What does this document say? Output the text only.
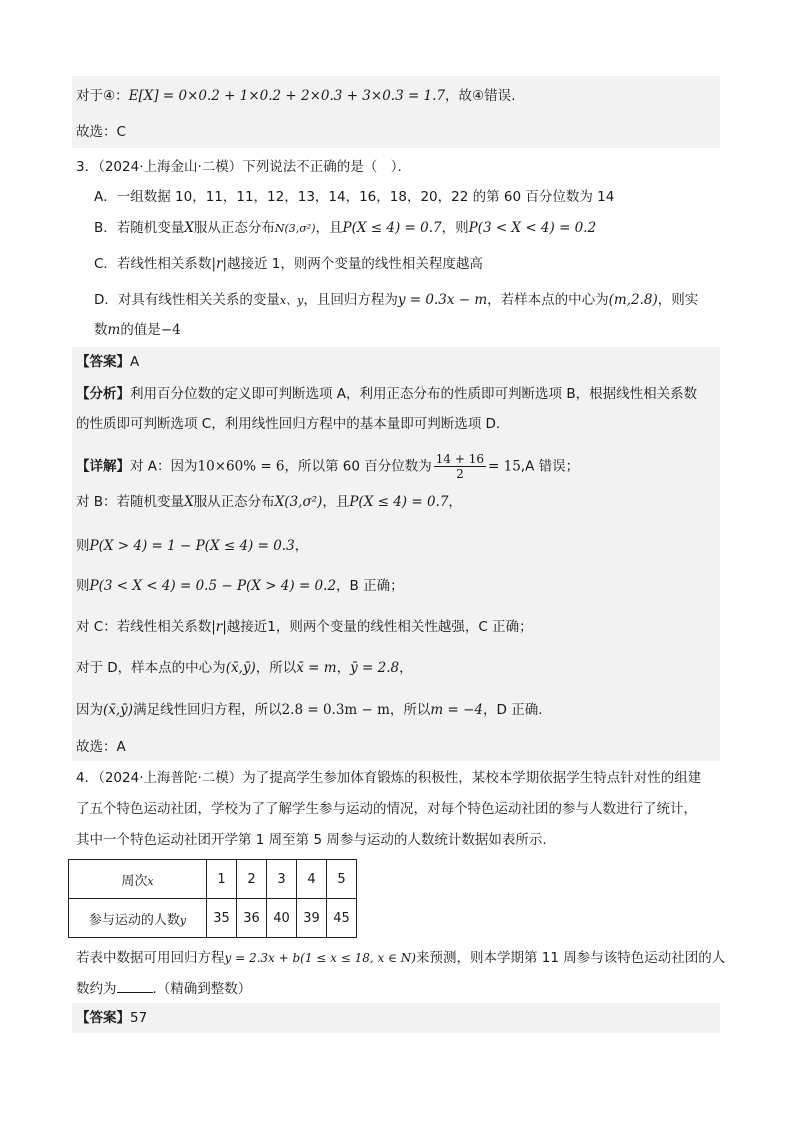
对于④：E[X] = 0×0.2 + 1×0.2 + 2×0.3 + 3×0.3 = 1.7，故④错误.
故选：C
3．（2024·上海金山·二模）下列说法不正确的是（　）．
A．一组数据 10，11，11，12，13，14，16，18，20，22 的第 60 百分位数为 14
B．若随机变量X服从正态分布N(3,σ²)，且P(X ≤ 4) = 0.7，则P(3 < X < 4) = 0.2
C．若线性相关系数|r|越接近 1，则两个变量的线性相关程度越高
D．对具有线性相关关系的变量x、y，且回归方程为y = 0.3x − m，若样本点的中心为(m,2.8)，则实
数m的值是−4
【答案】A
【分析】利用百分位数的定义即可判断选项 A，利用正态分布的性质即可判断选项 B，根据线性相关系数
的性质即可判断选项 C，利用线性回归方程中的基本量即可判断选项 D.
【详解】对 A：因为10×60% = 6，所以第 60 百分位数为 $\frac{14 + 16}{2} = 15,A$ 错误；
对 B：若随机变量X服从正态分布X(3,σ²)，且P(X ≤ 4) = 0.7，
则P(X > 4) = 1 − P(X ≤ 4) = 0.3，
则P(3 < X < 4) = 0.5 − P(X > 4) = 0.2，B 正确；
对 C：若线性相关系数|r|越接近1，则两个变量的线性相关性越强，C 正确；
对于 D，样本点的中心为(x̄,ȳ)，所以x̄ = m，ȳ = 2.8，
因为(x̄,ȳ)满足线性回归方程，所以2.8 = 0.3m − m，所以m = −4，D 正确.
故选：A
4．（2024·上海普陀·二模）为了提高学生参加体育锻炼的积极性，某校本学期依据学生特点针对性的组建
了五个特色运动社团，学校为了了解学生参与运动的情况，对每个特色运动社团的参与人数进行了统计，
其中一个特色运动社团开学第 1 周至第 5 周参与运动的人数统计数据如表所示.
周次x	1	2	3	4	5
参与运动的人数y	35	36	40	39	45
若表中数据可用回归方程y = 2.3x + b(1 ≤ x ≤ 18, x ∈ N)来预测，则本学期第 11 周参与该特色运动社团的人
数约为	.（精确到整数）
【答案】57
